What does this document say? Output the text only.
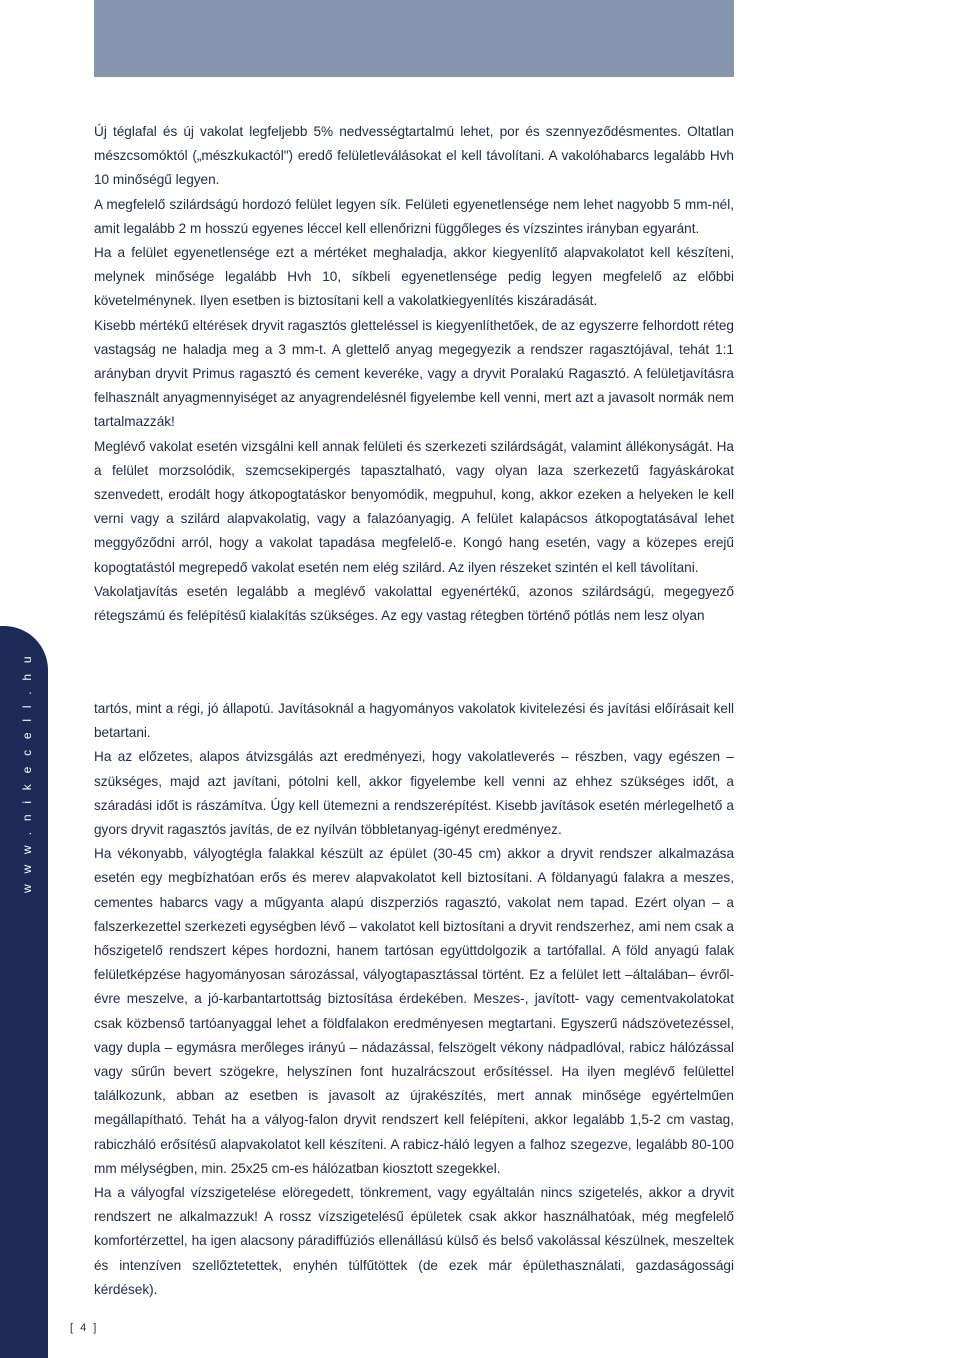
Új téglafal és új vakolat legfeljebb 5% nedvességtartalmú lehet, por és szennyeződésmentes. Oltatlan mészcsomóktól („mészkukactól") eredő felületleválásokat el kell távolítani. A vakolóhabarcs legalább Hvh 10 minőségű legyen.

A megfelelő szilárdságú hordozó felület legyen sík. Felületi egyenetlensége nem lehet nagyobb 5 mm-nél, amit legalább 2 m hosszú egyenes léccel kell ellenőrizni függőleges és vízszintes irányban egyaránt.

Ha a felület egyenetlensége ezt a mértéket meghaladja, akkor kiegyenlítő alapvakolatot kell készíteni, melynek minősége legalább Hvh 10, síkbeli egyenetlensége pedig legyen megfelelő az előbbi követelménynek. Ilyen esetben is biztosítani kell a vakolatkiegyenlítés kiszáradását.

Kisebb mértékű eltérések dryvit ragasztós gletteléssel is kiegyenlíthetőek, de az egyszerre felhordott réteg vastagság ne haladja meg a 3 mm-t. A glettelő anyag megegyezik a rendszer ragasztójával, tehát 1:1 arányban dryvit Primus ragasztó és cement keveréke, vagy a dryvit Poralakú Ragasztó. A felületjavításra felhasznált anyagmennyiséget az anyagrendelésnél figyelembe kell venni, mert azt a javasolt normák nem tartalmazzák!

Meglévő vakolat esetén vizsgálni kell annak felületi és szerkezeti szilárdságát, valamint állékonyságát. Ha a felület morzsolódik, szemcsekipergés tapasztalható, vagy olyan laza szerkezetű fagyáskárokat szenvedett, erodált hogy átkopogtatáskor benyomódik, megpuhul, kong, akkor ezeken a helyeken le kell verni vagy a szilárd alapvakolatig, vagy a falazóanyagig. A felület kalapácsos átkopogtatásával lehet meggyőződni arról, hogy a vakolat tapadása megfelelő-e. Kongó hang esetén, vagy a közepes erejű kopogtatástól megrepedő vakolat esetén nem elég szilárd. Az ilyen részeket szintén el kell távolítani.

Vakolatjavítás esetén legalább a meglévő vakolattal egyenértékű, azonos szilárdságú, megegyező rétegszámú és felépítésű kialakítás szükséges. Az egy vastag rétegben történő pótlás nem lesz olyan

www.nikecell.hu	tartós, mint a régi, jó állapotú. Javításoknál a hagyományos vakolatok kivitelezési és javítási előírásait kell betartani.

Ha az előzetes, alapos átvizsgálás azt eredményezi, hogy vakolatleverés – részben, vagy egészen – szükséges, majd azt javítani, pótolni kell, akkor figyelembe kell venni az ehhez szükséges időt, a száradási időt is rászámítva. Úgy kell ütemezni a rendszerépítést. Kisebb javítások esetén mérlegelhető a gyors dryvit ragasztós javítás, de ez nyílván többletanyag-igényt eredményez.

Ha vékonyabb, vályogtégla falakkal készült az épület (30-45 cm) akkor a dryvit rendszer alkalmazása esetén egy megbízhatóan erős és merev alapvakolatot kell biztosítani. A földanyagú falakra a meszes, cementes habarcs vagy a műgyanta alapú diszperziós ragasztó, vakolat nem tapad. Ezért olyan – a falszerkezettel szerkezeti egységben lévő – vakolatot kell biztosítani a dryvit rendszerhez, ami nem csak a hőszigetelő rendszert képes hordozni, hanem tartósan együttdolgozik a tartófallal. A föld anyagú falak felületképzése hagyományosan sározással, vályogtapasztással történt. Ez a felület lett –általában– évről-évre meszelve, a jó-karbantartottság biztosítása érdekében. Meszes-, javított- vagy cementvakolatokat csak közbenső tartóanyaggal lehet a földfalakon eredményesen megtartani. Egyszerű nádszövetezéssel, vagy dupla – egymásra merőleges irányú – nádazással, felszögelt vékony nádpadlóval, rabicz hálózással vagy sűrűn bevert szögekre, helyszínen font huzalrácszout erősítéssel. Ha ilyen meglévő felülettel találkozunk, abban az esetben is javasolt az újrakészítés, mert annak minősége egyértelműen megállapítható. Tehát ha a vályog-falon dryvit rendszert kell felépíteni, akkor legalább 1,5-2 cm vastag, rabiczháló erősítésű alapvakolatot kell készíteni. A rabicz-háló legyen a falhoz szegezve, legalább 80-100 mm mélységben, min. 25x25 cm-es hálózatban kiosztott szegekkel.

Ha a vályogfal vízszigetelése elöregedett, tönkrement, vagy egyáltalán nincs szigetelés, akkor a dryvit rendszert ne alkalmazzuk! A rossz vízszigetelésű épületek csak akkor használhatóak, még megfelelő komfortérzettel, ha igen alacsony páradiffúziós ellenállású külső és belső vakolással készülnek, meszeltek és intenzíven szellőztetettek, enyhén túlfűtöttek (de ezek már épülethasználati, gazdaságossági kérdések).

[ 4 ]
